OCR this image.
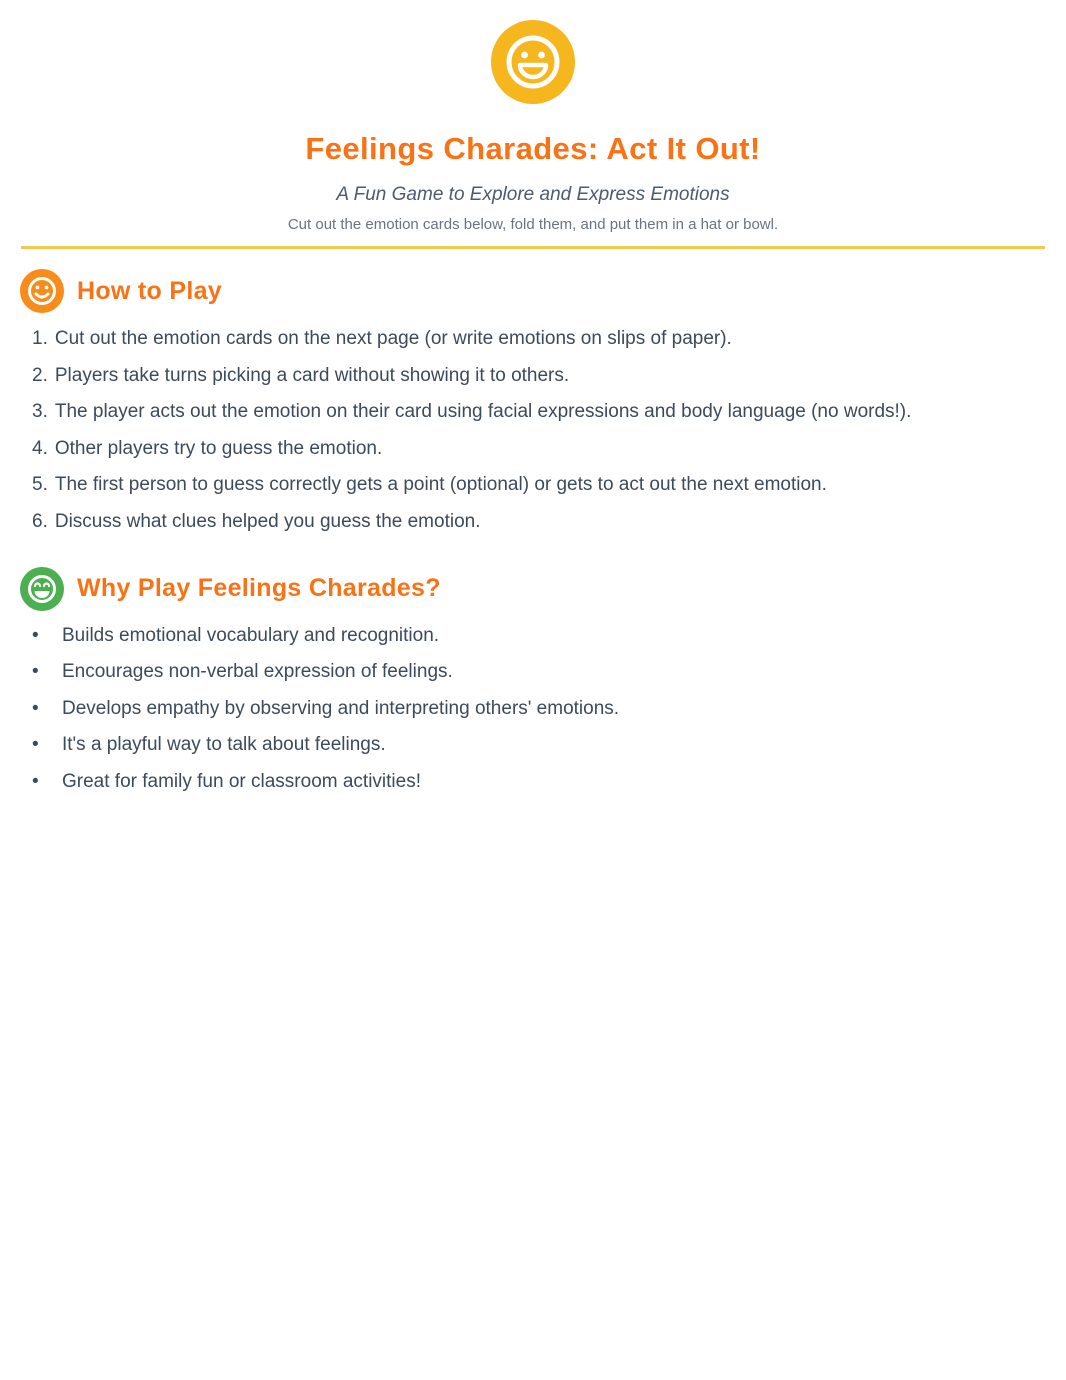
Feelings Charades: Act It Out!

A Fun Game to Explore and Express Emotions

Cut out the emotion cards below, fold them, and put them in a hat or bowl.

How to Play
1. Cut out the emotion cards on the next page (or write emotions on slips of paper).
2. Players take turns picking a card without showing it to others.
3. The player acts out the emotion on their card using facial expressions and body language (no words!).
4. Other players try to guess the emotion.
5. The first person to guess correctly gets a point (optional) or gets to act out the next emotion.
6. Discuss what clues helped you guess the emotion.
Why Play Feelings Charades?
• Builds emotional vocabulary and recognition.
• Encourages non-verbal expression of feelings.
• Develops empathy by observing and interpreting others' emotions.
• It's a playful way to talk about feelings.
• Great for family fun or classroom activities!
